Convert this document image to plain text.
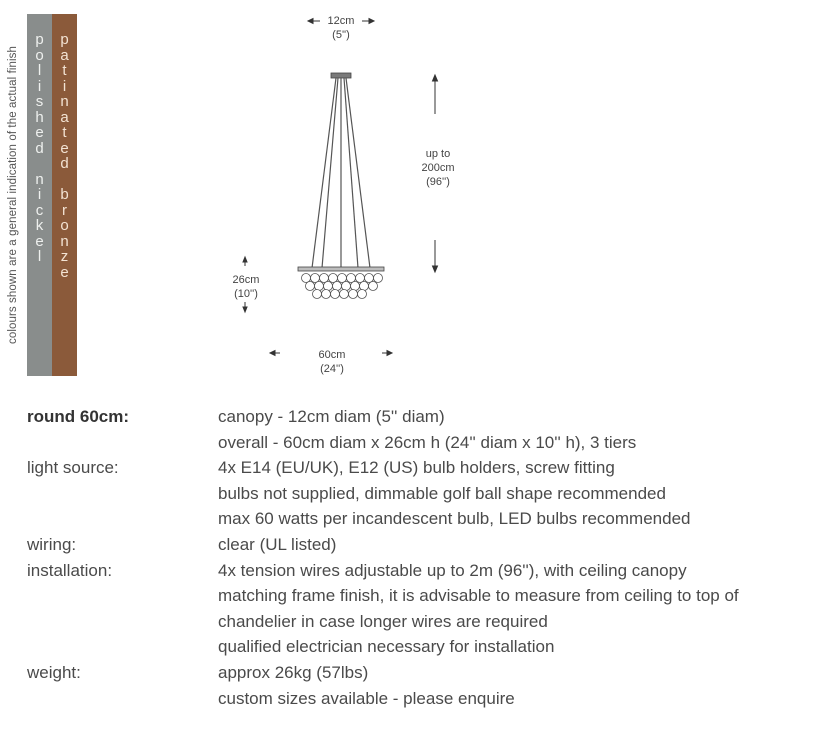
colours shown are a general indication of the actual finish
p
o
l
i
s
h
e
d

n
i
c
k
e
l
p
a
t
i
n
a
t
e
d

b
r
o
n
z
e
12cm
(5'')
up to
200cm
(96'')
26cm
(10'')
60cm
(24'')
round 60cm:	canopy - 12cm diam (5'' diam)
overall - 60cm diam x 26cm h (24'' diam x 10'' h), 3 tiers
light source:	4x E14 (EU/UK), E12 (US) bulb holders, screw fitting
bulbs not supplied, dimmable golf ball shape recommended
max 60 watts per incandescent bulb, LED bulbs recommended
wiring:	clear (UL listed)
installation:	4x tension wires adjustable up to 2m (96''), with ceiling canopy
matching frame finish, it is advisable to measure from ceiling to top of
chandelier in case longer wires are required
qualified electrician necessary for installation
weight:	approx 26kg (57lbs)
custom sizes available - please enquire
